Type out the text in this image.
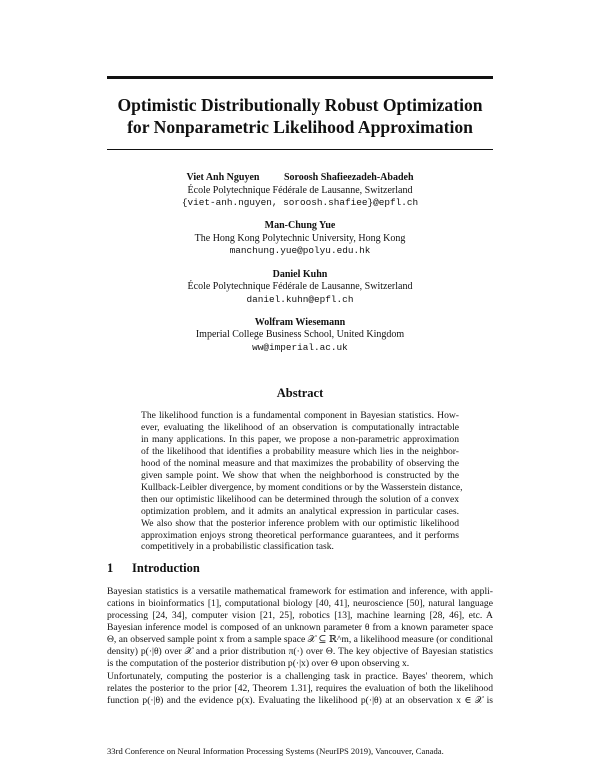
Optimistic Distributionally Robust Optimization
for Nonparametric Likelihood Approximation
Viet Anh Nguyen Soroosh Shafieezadeh-Abadeh
École Polytechnique Fédérale de Lausanne, Switzerland
{viet-anh.nguyen, soroosh.shafiee}@epfl.ch
Man-Chung Yue
The Hong Kong Polytechnic University, Hong Kong
manchung.yue@polyu.edu.hk
Daniel Kuhn
École Polytechnique Fédérale de Lausanne, Switzerland
daniel.kuhn@epfl.ch
Wolfram Wiesemann
Imperial College Business School, United Kingdom
ww@imperial.ac.uk
Abstract
The likelihood function is a fundamental component in Bayesian statistics. How-
ever, evaluating the likelihood of an observation is computationally intractable
in many applications. In this paper, we propose a non-parametric approximation
of the likelihood that identifies a probability measure which lies in the neighbor-
hood of the nominal measure and that maximizes the probability of observing the
given sample point. We show that when the neighborhood is constructed by the
Kullback-Leibler divergence, by moment conditions or by the Wasserstein distance,
then our optimistic likelihood can be determined through the solution of a convex
optimization problem, and it admits an analytical expression in particular cases.
We also show that the posterior inference problem with our optimistic likelihood
approximation enjoys strong theoretical performance guarantees, and it performs
competitively in a probabilistic classification task.
1 Introduction
Bayesian statistics is a versatile mathematical framework for estimation and inference, with appli-
cations in bioinformatics [1], computational biology [40, 41], neuroscience [50], natural language
processing [24, 34], computer vision [21, 25], robotics [13], machine learning [28, 46], etc. A
Bayesian inference model is composed of an unknown parameter θ from a known parameter space
Θ, an observed sample point x from a sample space 𝒳 ⊆ ℝ^m, a likelihood measure (or conditional
density) p(·|θ) over 𝒳 and a prior distribution π(·) over Θ. The key objective of Bayesian statistics
is the computation of the posterior distribution p(·|x) over Θ upon observing x.
Unfortunately, computing the posterior is a challenging task in practice. Bayes' theorem, which
relates the posterior to the prior [42, Theorem 1.31], requires the evaluation of both the likelihood
function p(·|θ) and the evidence p(x). Evaluating the likelihood p(·|θ) at an observation x ∈ 𝒳 is
33rd Conference on Neural Information Processing Systems (NeurIPS 2019), Vancouver, Canada.
